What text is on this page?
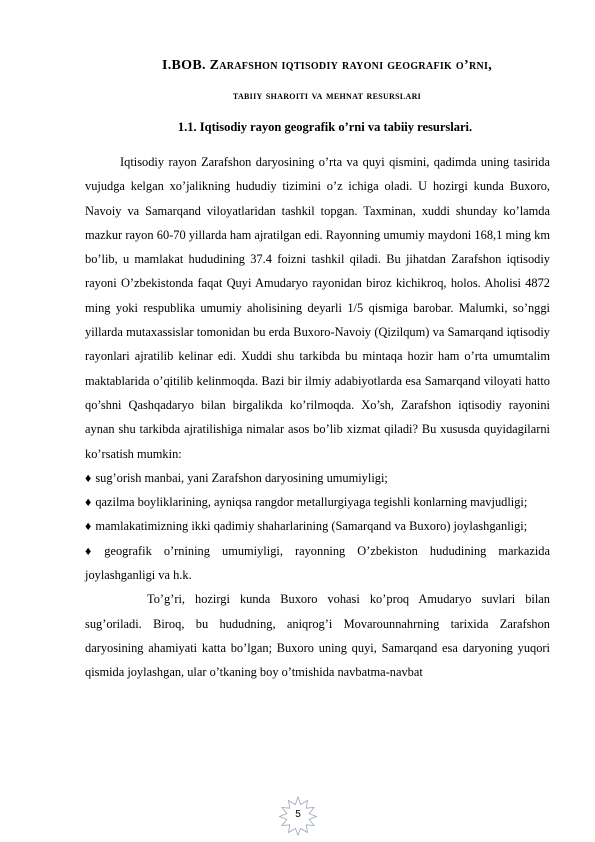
I.BOB. Zarafshon iqtisodiy rayoni geografik o’rni,
tabiiy sharoiti va mehnat resurslari
1.1. Iqtisodiy rayon geografik o’rni va tabiiy resurslari.

Iqtisodiy rayon Zarafshon daryosining o’rta va quyi qismini, qadimda uning tasirida vujudga kelgan xo’jalikning hududiy tizimini o’z ichiga oladi. U hozirgi kunda Buxoro, Navoiy va Samarqand viloyatlaridan tashkil topgan. Taxminan, xuddi shunday ko’lamda mazkur rayon 60-70 yillarda ham ajratilgan edi. Rayonning umumiy maydoni 168,1 ming km bo’lib, u mamlakat hududining 37.4 foizni tashkil qiladi. Bu jihatdan Zarafshon iqtisodiy rayoni O’zbekistonda faqat Quyi Amudaryo rayonidan biroz kichikroq, holos. Aholisi 4872 ming yoki respublika umumiy aholisining deyarli 1/5 qismiga barobar. Malumki, so’nggi yillarda mutaxassislar tomonidan bu erda Buxoro-Navoiy (Qizilqum) va Samarqand iqtisodiy rayonlari ajratilib kelinar edi. Xuddi shu tarkibda bu mintaqa hozir ham o’rta umumtalim maktablarida o’qitilib kelinmoqda. Bazi bir ilmiy adabiyotlarda esa Samarqand viloyati hatto qo’shni Qashqadaryo bilan birgalikda ko’rilmoqda. Xo’sh, Zarafshon iqtisodiy rayonini aynan shu tarkibda ajratilishiga nimalar asos bo’lib xizmat qiladi? Bu xususda quyidagilarni ko’rsatish mumkin:

♦ sug’orish manbai, yani Zarafshon daryosining umumiyligi;

♦ qazilma boyliklarining, ayniqsa rangdor metallurgiyaga tegishli konlarning mavjudligi;

♦ mamlakatimizning ikki qadimiy shaharlarining (Samarqand va Buxoro) joylashganligi;

♦ geografik o’rnining umumiyligi, rayonning O’zbekiston hududining markazida joylashganligi va h.k.

To’g’ri, hozirgi kunda Buxoro vohasi ko’proq Amudaryo suvlari bilan sug’oriladi. Biroq, bu hududning, aniqrog’i Movarounnahrning tarixida Zarafshon daryosining ahamiyati katta bo’lgan; Buxoro uning quyi, Samarqand esa daryoning yuqori qismida joylashgan, ular o’tkaning boy o’tmishida navbatma-navbat

5
